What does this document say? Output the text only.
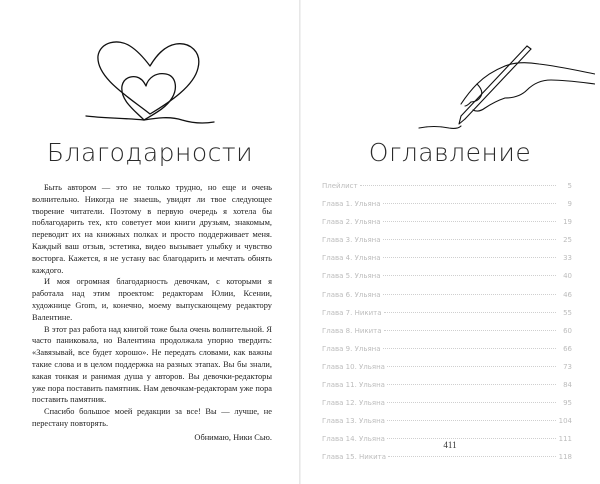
Благодарности

Быть автором — это не только трудно, но еще и очень волнительно. Никогда не знаешь, увидят ли твое следующее творение читатели. Поэтому в первую очередь я хотела бы поблагодарить тех, кто советует мои книги друзьям, знакомым, переводит их на книжных полках и просто поддерживает меня. Каждый ваш отзыв, эстетика, видео вызывает улыбку и чувство восторга. Кажется, я не устану вас благодарить и мечтать обнять каждого.

И моя огромная благодарность девочкам, с которыми я работала над этим проектом: редакторам Юлии, Ксении, художнице Grom, и, конечно, моему выпускающему редактору Валентине.

В этот раз работа над книгой тоже была очень волнительной. Я часто паниковала, но Валентина продолжала упорно твердить: «Завязывай, все будет хорошо». Не передать словами, как важны такие слова и в целом поддержка на разных этапах. Вы бы знали, какая тонкая и ранимая душа у авторов. Вы девочки-редакторы уже пора поставить памятник. Нам девочкам-редакторам уже пора поставить памятник.

Спасибо большое моей редакции за все! Вы — лучше, не перестану повторять.

Обнимаю, Ники Сью.

Оглавление
Плейлист	5
Глава 1. Ульяна	9
Глава 2. Ульяна	19
Глава 3. Ульяна	25
Глава 4. Ульяна	33
Глава 5. Ульяна	40
Глава 6. Ульяна	46
Глава 7. Никита	55
Глава 8. Никита	60
Глава 9. Ульяна	66
Глава 10. Ульяна	73
Глава 11. Ульяна	84
Глава 12. Ульяна	95
Глава 13. Ульяна	104
Глава 14. Ульяна	111
Глава 15. Никита	118
411
